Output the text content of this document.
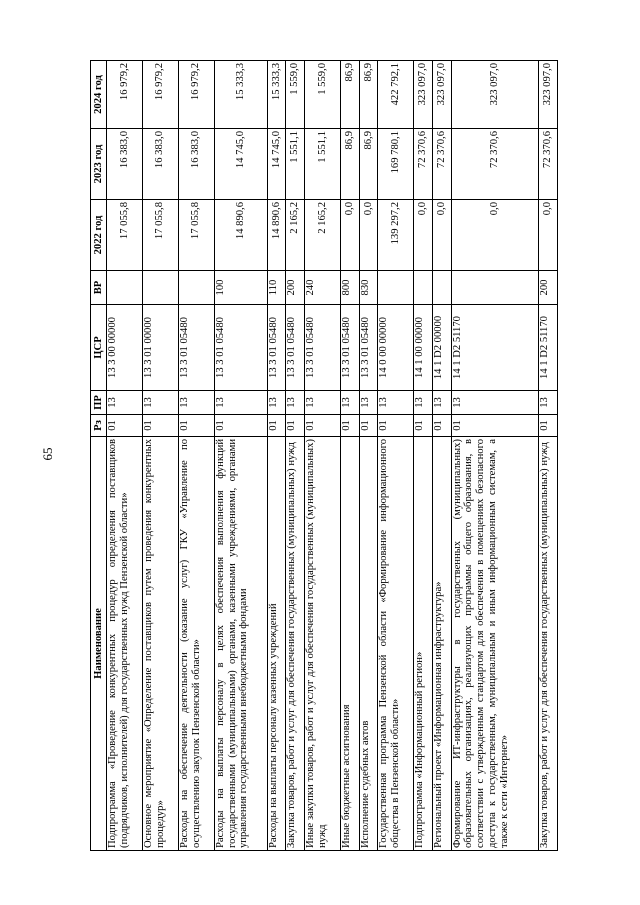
65
Наименование	Рз	ПР	ЦСР	ВР	2022 год	2023 год	2024 год
Подпрограмма «Проведение конкурентных процедур определения поставщиков (подрядчиков, исполнителей) для государственных нужд Пензенской области»	01	13	13 3 00 00000		17 055,8	16 383,0	16 979,2
Основное мероприятие «Определение поставщиков путем проведения конкурентных процедур»	01	13	13 3 01 00000		17 055,8	16 383,0	16 979,2
Расходы на обеспечение деятельности (оказание услуг) ГКУ «Управление по осуществлению закупок Пензенской области»	01	13	13 3 01 05480		17 055,8	16 383,0	16 979,2
Расходы на выплаты персоналу в целях обеспечения выполнения функций государственными (муниципальными) органами, казенными учреждениями, органами управления государственными внебюджетными фондами	01	13	13 3 01 05480	100	14 890,6	14 745,0	15 333,3
Расходы на выплаты персоналу казенных учреждений	01	13	13 3 01 05480	110	14 890,6	14 745,0	15 333,3
Закупка товаров, работ и услуг для обеспечения государственных (муниципальных) нужд	01	13	13 3 01 05480	200	2 165,2	1 551,1	1 559,0
Иные закупки товаров, работ и услуг для обеспечения государственных (муниципальных) нужд	01	13	13 3 01 05480	240	2 165,2	1 551,1	1 559,0
Иные бюджетные ассигнования	01	13	13 3 01 05480	800	0,0	86,9	86,9
Исполнение судебных актов	01	13	13 3 01 05480	830	0,0	86,9	86,9
Государственная программа Пензенской области «Формирование информационного общества в Пензенской области»	01	13	14 0 00 00000		139 297,2	169 780,1	422 792,1
Подпрограмма «Информационный регион»	01	13	14 1 00 00000		0,0	72 370,6	323 097,0
Региональный проект «Информационная инфраструктура»	01	13	14 1 D2 00000		0,0	72 370,6	323 097,0
Формирование ИТ-инфраструктуры в государственных (муниципальных) образовательных организациях, реализующих программы общего образования, в соответствии с утвержденным стандартом для обеспечения в помещениях безопасного доступа к государственным, муниципальным и иным информационным системам, а также к сети «Интернет»	01	13	14 1 D2 51170		0,0	72 370,6	323 097,0
Закупка товаров, работ и услуг для обеспечения государственных (муниципальных) нужд	01	13	14 1 D2 51170	200	0,0	72 370,6	323 097,0
